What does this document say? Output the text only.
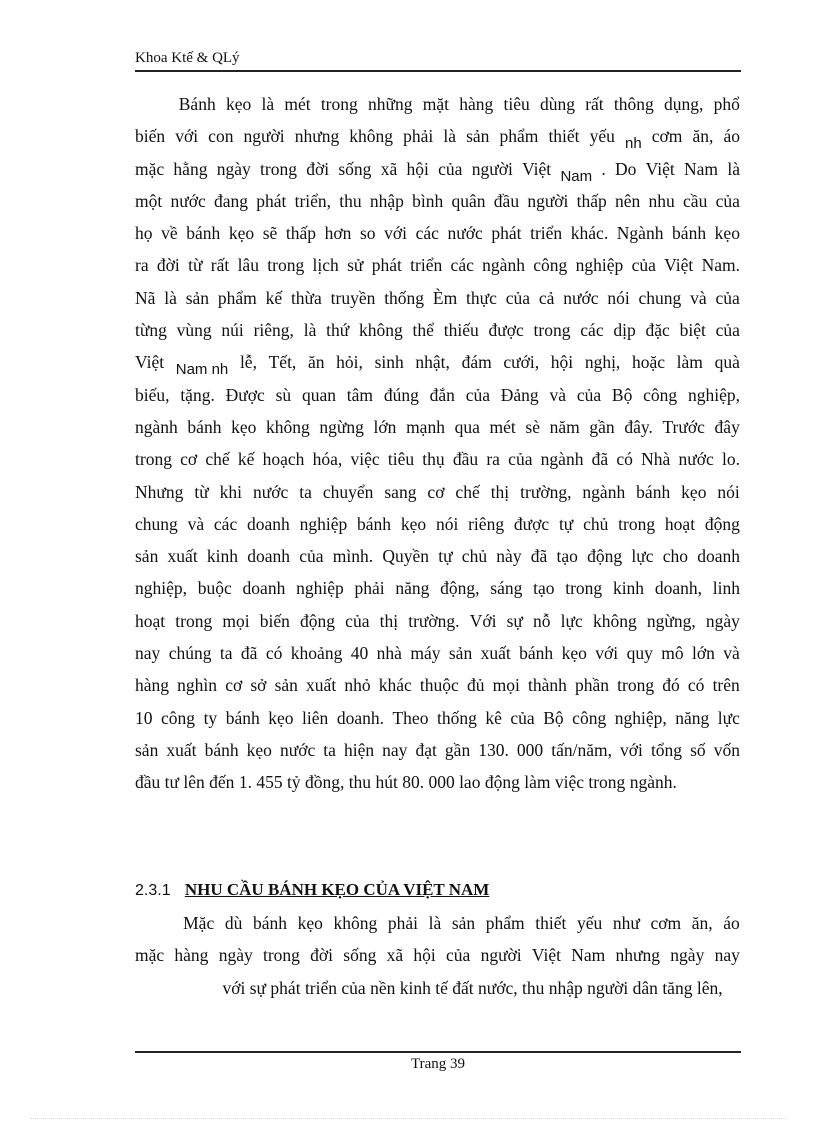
Khoa Ktế & QLý
Bánh kẹo là mét trong những mặt hàng tiêu dùng rất thông dụng, phổ
biến với con người nhưng không phải là sản phẩm thiết yếu nh cơm ăn, áo
mặc hằng ngày trong đời sống xã hội của người Việt Nam . Do Việt Nam là
một nước đang phát triển, thu nhập bình quân đầu người thấp nên nhu cầu của
họ về bánh kẹo sẽ thấp hơn so với các nước phát triển khác. Ngành bánh kẹo
ra đời từ rất lâu trong lịch sử phát triển các ngành công nghiệp của Việt Nam.
Nã là sản phẩm kế thừa truyền thống Èm thực của cả nước nói chung và của
từng vùng núi riêng, là thứ không thể thiếu được trong các dịp đặc biệt của
Việt Nam nh lễ, Tết, ăn hỏi, sinh nhật, đám cưới, hội nghị, hoặc làm quà
biếu, tặng. Được sù quan tâm đúng đắn của Đảng và của Bộ công nghiệp,
ngành bánh kẹo không ngừng lớn mạnh qua mét sè năm gần đây. Trước đây
trong cơ chế kế hoạch hóa, việc tiêu thụ đầu ra của ngành đã có Nhà nước lo.
Nhưng từ khi nước ta chuyển sang cơ chế thị trường, ngành bánh kẹo nói
chung và các doanh nghiệp bánh kẹo nói riêng được tự chủ trong hoạt động
sản xuất kinh doanh của mình. Quyền tự chủ này đã tạo động lực cho doanh
nghiệp, buộc doanh nghiệp phải năng động, sáng tạo trong kinh doanh, linh
hoạt trong mọi biến động của thị trường. Với sự nỗ lực không ngừng, ngày
nay chúng ta đã có khoảng 40 nhà máy sản xuất bánh kẹo với quy mô lớn và
hàng nghìn cơ sở sản xuất nhỏ khác thuộc đủ mọi thành phần trong đó có trên
10 công ty bánh kẹo liên doanh. Theo thống kê của Bộ công nghiệp, năng lực
sản xuất bánh kẹo nước ta hiện nay đạt gần 130. 000 tấn/năm, với tổng số vốn
đầu
tư
lên
đến
1.
455
tỷ
đồng,
thu
hút
80.
000
lao
động
làm
việc
trong
ngành.
2.3.1 NHU CẦU BÁNH KẸO CỦA VIỆT NAM
Mặc dù bánh kẹo không phải là sản phẩm thiết yếu như cơm ăn, áo
mặc hàng ngày trong đời sống xã hội của người Việt Nam nhưng ngày nay
với
sự
phát
triển
của
nền
kinh
tế
đất
nước,
thu
nhập
người
dân
tăng
lên,
Trang 39
